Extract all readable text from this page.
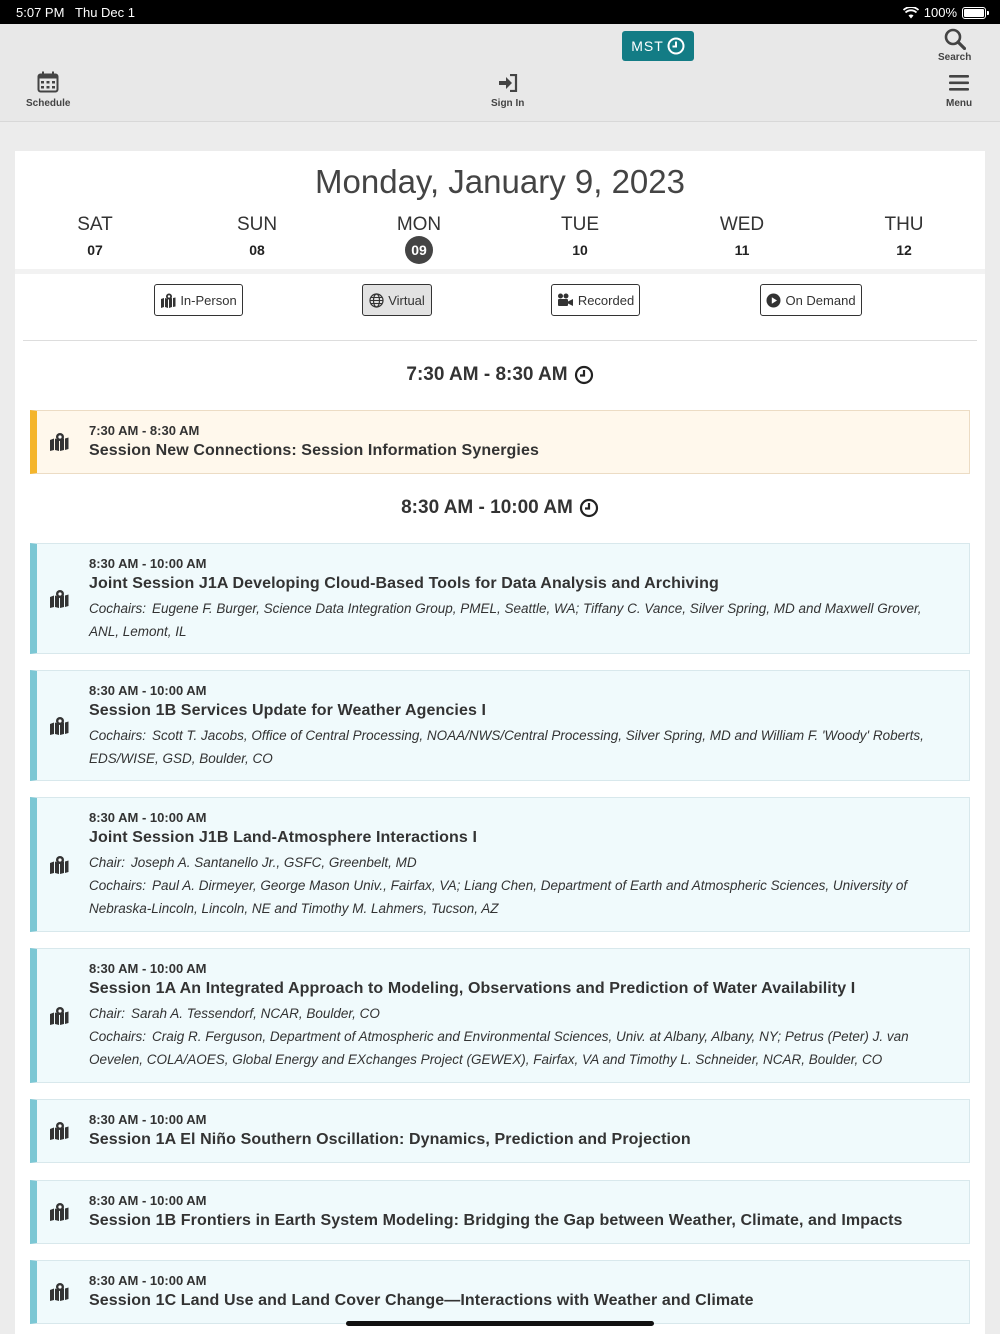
5:07 PM Thu Dec 1	100%
Schedule
MST
Sign In
Search
Menu
Monday, January 9, 2023
SAT
07
SUN
08
MON
09
TUE
10
WED
11
THU
12
In-Person	Virtual	Recorded	On Demand
7:30 AM - 8:30 AM
7:30 AM - 8:30 AM
Session New Connections: Session Information Synergies
8:30 AM - 10:00 AM
8:30 AM - 10:00 AM
Joint Session J1A Developing Cloud-Based Tools for Data Analysis and Archiving
Cochairs: Eugene F. Burger, Science Data Integration Group, PMEL, Seattle, WA; Tiffany C. Vance, Silver Spring, MD and Maxwell Grover, ANL, Lemont, IL
8:30 AM - 10:00 AM
Session 1B Services Update for Weather Agencies I
Cochairs: Scott T. Jacobs, Office of Central Processing, NOAA/NWS/Central Processing, Silver Spring, MD and William F. 'Woody' Roberts, EDS/WISE, GSD, Boulder, CO
8:30 AM - 10:00 AM
Joint Session J1B Land-Atmosphere Interactions I
Chair: Joseph A. Santanello Jr., GSFC, Greenbelt, MD
Cochairs: Paul A. Dirmeyer, George Mason Univ., Fairfax, VA; Liang Chen, Department of Earth and Atmospheric Sciences, University of Nebraska-Lincoln, Lincoln, NE and Timothy M. Lahmers, Tucson, AZ
8:30 AM - 10:00 AM
Session 1A An Integrated Approach to Modeling, Observations and Prediction of Water Availability I
Chair: Sarah A. Tessendorf, NCAR, Boulder, CO
Cochairs: Craig R. Ferguson, Department of Atmospheric and Environmental Sciences, Univ. at Albany, Albany, NY; Petrus (Peter) J. van Oevelen, COLA/AOES, Global Energy and EXchanges Project (GEWEX), Fairfax, VA and Timothy L. Schneider, NCAR, Boulder, CO
8:30 AM - 10:00 AM
Session 1A El Niño Southern Oscillation: Dynamics, Prediction and Projection
8:30 AM - 10:00 AM
Session 1B Frontiers in Earth System Modeling: Bridging the Gap between Weather, Climate, and Impacts
8:30 AM - 10:00 AM
Session 1C Land Use and Land Cover Change—Interactions with Weather and Climate
